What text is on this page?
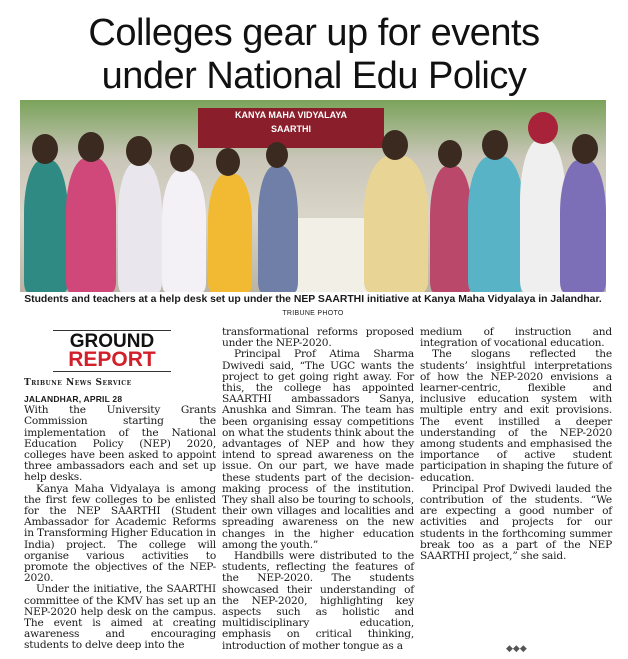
Colleges gear up for events
under National Edu Policy
KANYA MAHA VIDYALAYA
SAARTHI
Students and teachers at a help desk set up under the NEP SAARTHI initiative at Kanya Maha Vidyalaya in Jalandhar. TRIBUNE PHOTO
GROUND
REPORT
Tribune News Service

JALANDHAR, APRIL 28

With the University Grants Commission starting the implementation of the National Education Policy (NEP) 2020, colleges have been asked to appoint three ambassadors each and set up help desks.

Kanya Maha Vidyalaya is among the first few colleges to be enlisted for the NEP SAARTHI (Student Ambassador for Academic Reforms in Transforming Higher Education in India) project. The college will organise various activities to promote the objectives of the NEP-2020.

Under the initiative, the SAARTHI committee of the KMV has set up an NEP-2020 help desk on the campus. The event is aimed at creating awareness and encouraging students to delve deep into the

transformational reforms proposed under the NEP-2020.

Principal Prof Atima Sharma Dwivedi said, “The UGC wants the project to get going right away. For this, the college has appointed SAARTHI ambassadors Sanya, Anushka and Simran. The team has been organising essay competitions on what the students think about the advantages of NEP and how they intend to spread awareness on the issue. On our part, we have made these students part of the decision-making process of the institution. They shall also be touring to schools, their own villages and localities and spreading awareness on the new changes in the higher education among the youth.”

Handbills were distributed to the students, reflecting the features of the NEP-2020. The students showcased their understanding of the NEP-2020, highlighting key aspects such as holistic and multidisciplinary education, emphasis on critical thinking, introduction of mother tongue as a

medium of instruction and integration of vocational education.

The slogans reflected the students’ insightful interpretations of how the NEP-2020 envisions a learner-centric, flexible and inclusive education system with multiple entry and exit provisions. The event instilled a deeper understanding of the NEP-2020 among students and emphasised the importance of active student participation in shaping the future of education.

Principal Prof Dwivedi lauded the contribution of the students. “We are expecting a good number of activities and projects for our students in the forthcoming summer break too as a part of the NEP SAARTHI project,” she said.

◆◆◆
